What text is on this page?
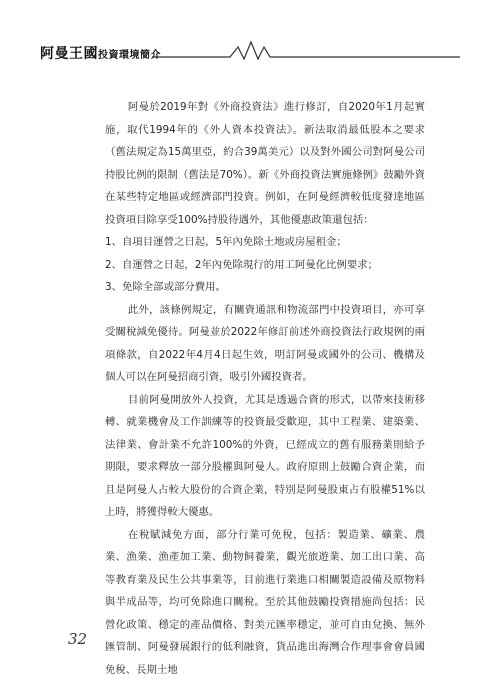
阿曼王國投資環境簡介

阿曼於2019年對《外商投資法》進行修訂，自2020年1月起實施，取代1994年的《外人資本投資法》。新法取消最低股本之要求（舊法規定為15萬里亞，約合39萬美元）以及對外國公司對阿曼公司持股比例的限制（舊法是70%）。新《外商投資法實施條例》鼓勵外資在某些特定地區或經濟部門投資。例如，在阿曼經濟較低度發達地區投資項目除享受100%持股待遇外，其他優惠政策還包括：

1、自項目運營之日起，5年內免除土地或房屋租金；

2、自運營之日起，2年內免除現行的用工阿曼化比例要求；

3、免除全部或部分費用。

此外，該條例規定，有關資通訊和物流部門中投資項目，亦可享受關稅減免優待。阿曼並於2022年修訂前述外商投資法行政規例的兩項條款，自2022年4月4日起生效，明訂阿曼或國外的公司、機構及個人可以在阿曼招商引資，吸引外國投資者。

目前阿曼開放外人投資，尤其是透過合資的形式，以帶來技術移轉、就業機會及工作訓練等的投資最受歡迎，其中工程業、建築業、法律業、會計業不允許100%的外資，已經成立的舊有服務業則給予期限，要求釋放一部分股權與阿曼人。政府原則上鼓勵合資企業，而且是阿曼人占較大股份的合資企業，特別是阿曼股東占有股權51%以上時，將獲得較大優惠。

在稅賦減免方面，部分行業可免稅，包括：製造業、礦業、農業、漁業、漁產加工業、動物飼養業，觀光旅遊業、加工出口業、高等教育業及民生公共事業等，目前進行業進口相關製造設備及原物料與半成品等，均可免除進口關稅。至於其他鼓勵投資措施尚包括：民營化政策、穩定的產品價格、對美元匯率穩定，並可自由兌換、無外匯管制、阿曼發展銀行的低利融資，貨品進出海灣合作理事會會員國免稅、長期土地

32
